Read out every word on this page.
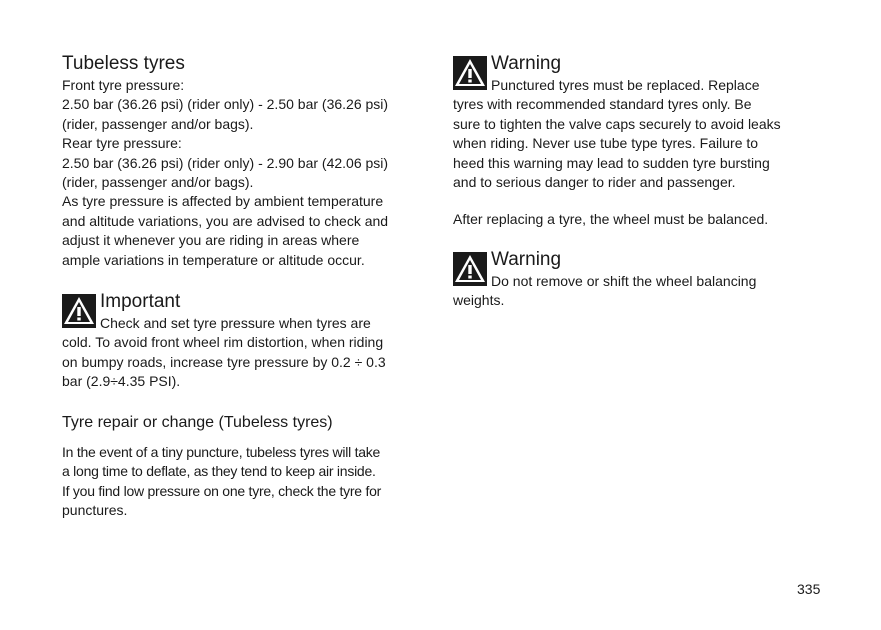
Tubeless tyres
Front tyre pressure:
2.50 bar (36.26 psi) (rider only) - 2.50 bar (36.26 psi)
(rider, passenger and/or bags).
Rear tyre pressure:
2.50 bar (36.26 psi) (rider only) - 2.90 bar (42.06 psi)
(rider, passenger and/or bags).
As tyre pressure is affected by ambient temperature
and altitude variations, you are advised to check and
adjust it whenever you are riding in areas where
ample variations in temperature or altitude occur.
Important
Check and set tyre pressure when tyres are
cold. To avoid front wheel rim distortion, when riding
on bumpy roads, increase tyre pressure by 0.2 ÷ 0.3
bar (2.9÷4.35 PSI).
Tyre repair or change (Tubeless tyres)
In the event of a tiny puncture, tubeless tyres will take
a long time to deflate, as they tend to keep air inside.
If you find low pressure on one tyre, check the tyre for
punctures.
Warning
Punctured tyres must be replaced. Replace
tyres with recommended standard tyres only. Be
sure to tighten the valve caps securely to avoid leaks
when riding. Never use tube type tyres. Failure to
heed this warning may lead to sudden tyre bursting
and to serious danger to rider and passenger.

After replacing a tyre, the wheel must be balanced.

Warning
Do not remove or shift the wheel balancing
weights.
335
